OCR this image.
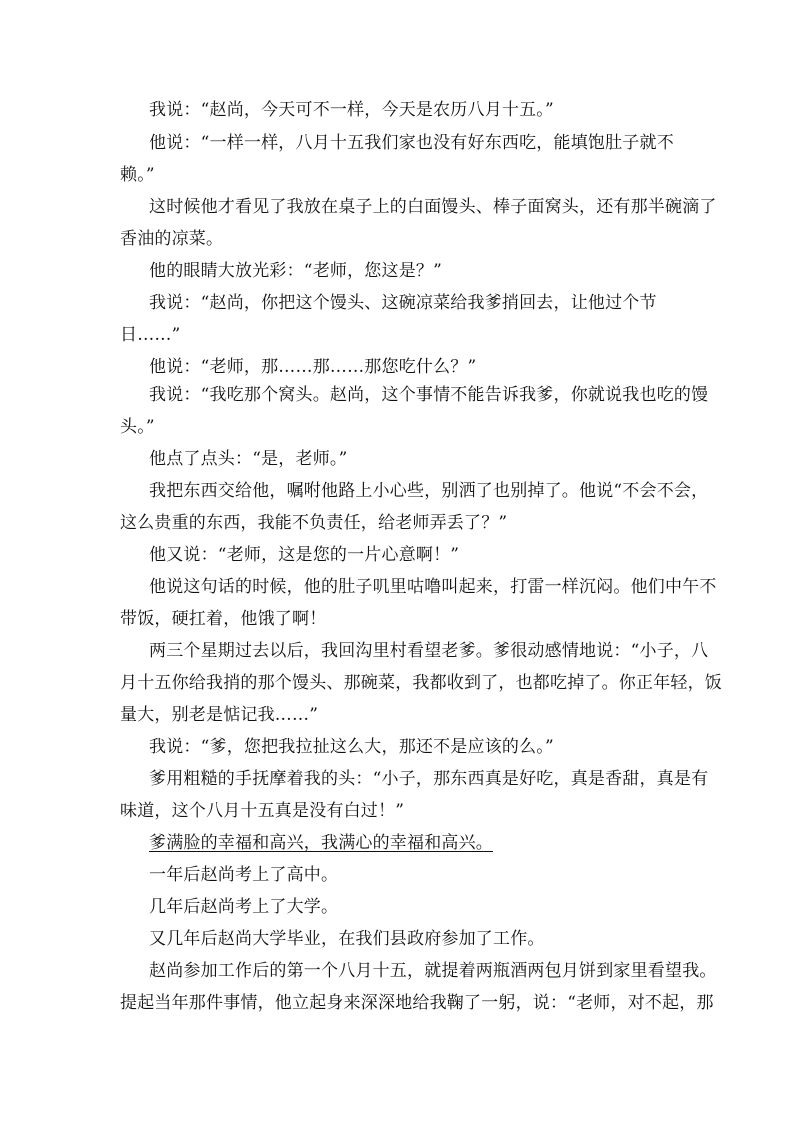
我说：“赵尚，今天可不一样，今天是农历八月十五。”
他说：“一样一样，八月十五我们家也没有好东西吃，能填饱肚子就不
赖。”
这时候他才看见了我放在桌子上的白面馒头、棒子面窝头，还有那半碗滴了
香油的凉菜。
他的眼睛大放光彩：“老师，您这是？”
我说：“赵尚，你把这个馒头、这碗凉菜给我爹捎回去，让他过个节
日……”
他说：“老师，那……那……那您吃什么？”
我说：“我吃那个窝头。赵尚，这个事情不能告诉我爹，你就说我也吃的馒
头。”
他点了点头：“是，老师。”
我把东西交给他，嘱咐他路上小心些，别洒了也别掉了。他说“不会不会，
这么贵重的东西，我能不负责任，给老师弄丢了？”
他又说：“老师，这是您的一片心意啊！”
他说这句话的时候，他的肚子叽里咕噜叫起来，打雷一样沉闷。他们中午不
带饭，硬扛着，他饿了啊！
两三个星期过去以后，我回沟里村看望老爹。爹很动感情地说：“小子，八
月十五你给我捎的那个馒头、那碗菜，我都收到了，也都吃掉了。你正年轻，饭
量大，别老是惦记我……”
我说：“爹，您把我拉扯这么大，那还不是应该的么。”
爹用粗糙的手抚摩着我的头：“小子，那东西真是好吃，真是香甜，真是有
味道，这个八月十五真是没有白过！”
爹满脸的幸福和高兴，我满心的幸福和高兴。
一年后赵尚考上了高中。
几年后赵尚考上了大学。
又几年后赵尚大学毕业，在我们县政府参加了工作。
赵尚参加工作后的第一个八月十五，就提着两瓶酒两包月饼到家里看望我。
提起当年那件事情，他立起身来深深地给我鞠了一躬，说：“老师，对不起，那
